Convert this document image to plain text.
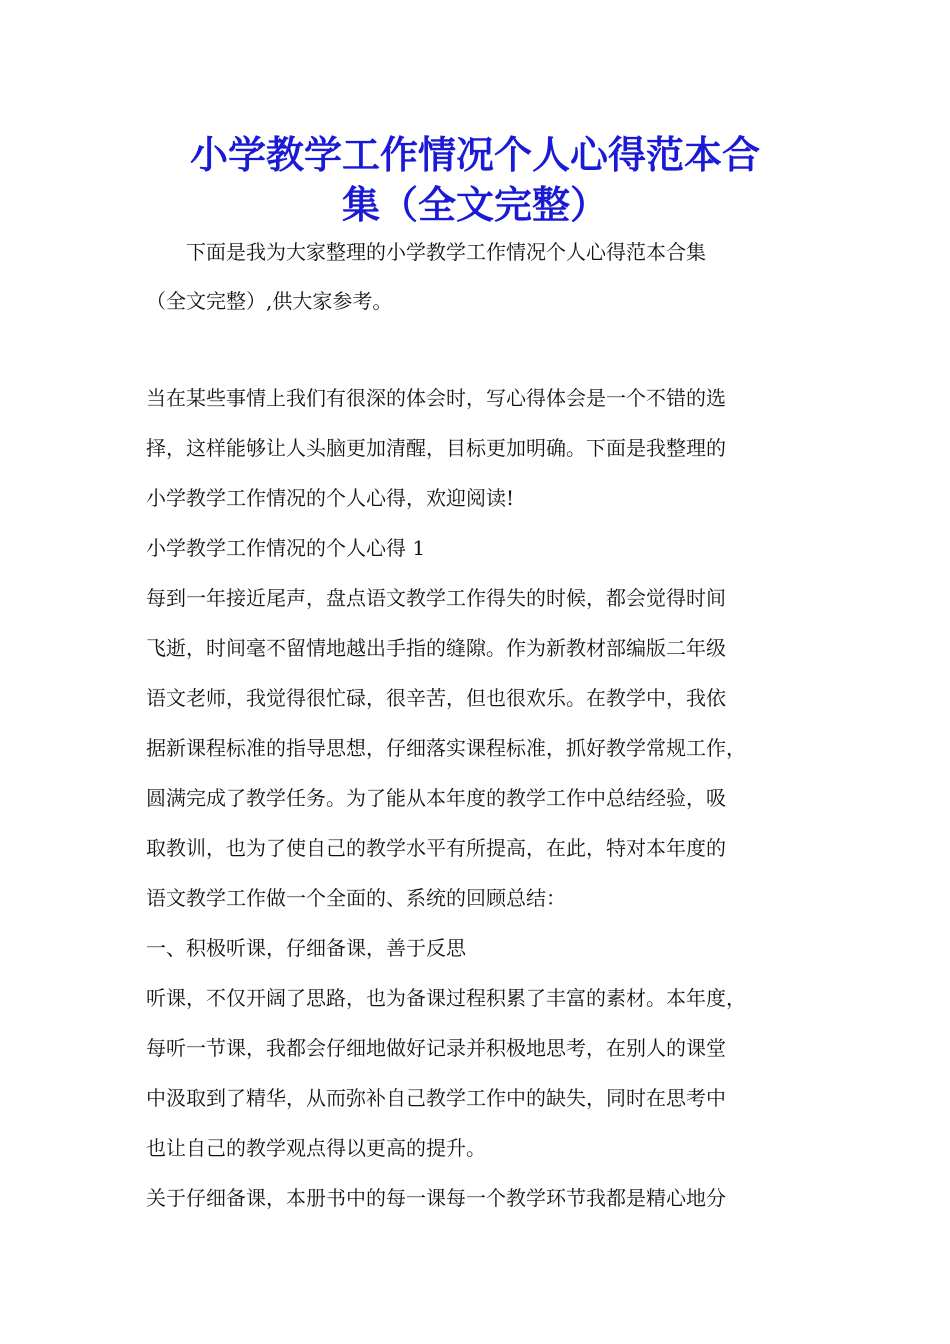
小学教学工作情况个人心得范本合
集（全文完整）

　　下面是我为大家整理的小学教学工作情况个人心得范本合集

（全文完整）,供大家参考。

当在某些事情上我们有很深的体会时，写心得体会是一个不错的选

择，这样能够让人头脑更加清醒，目标更加明确。下面是我整理的

小学教学工作情况的个人心得，欢迎阅读!

小学教学工作情况的个人心得 1

每到一年接近尾声，盘点语文教学工作得失的时候，都会觉得时间

飞逝，时间毫不留情地越出手指的缝隙。作为新教材部编版二年级

语文老师，我觉得很忙碌，很辛苦，但也很欢乐。在教学中，我依

据新课程标准的指导思想，仔细落实课程标准，抓好教学常规工作，

圆满完成了教学任务。为了能从本年度的教学工作中总结经验，吸

取教训，也为了使自己的教学水平有所提高，在此，特对本年度的

语文教学工作做一个全面的、系统的回顾总结：

一、积极听课，仔细备课，善于反思

听课，不仅开阔了思路，也为备课过程积累了丰富的素材。本年度，

每听一节课，我都会仔细地做好记录并积极地思考，在别人的课堂

中汲取到了精华，从而弥补自己教学工作中的缺失，同时在思考中

也让自己的教学观点得以更高的提升。

关于仔细备课，本册书中的每一课每一个教学环节我都是精心地分
